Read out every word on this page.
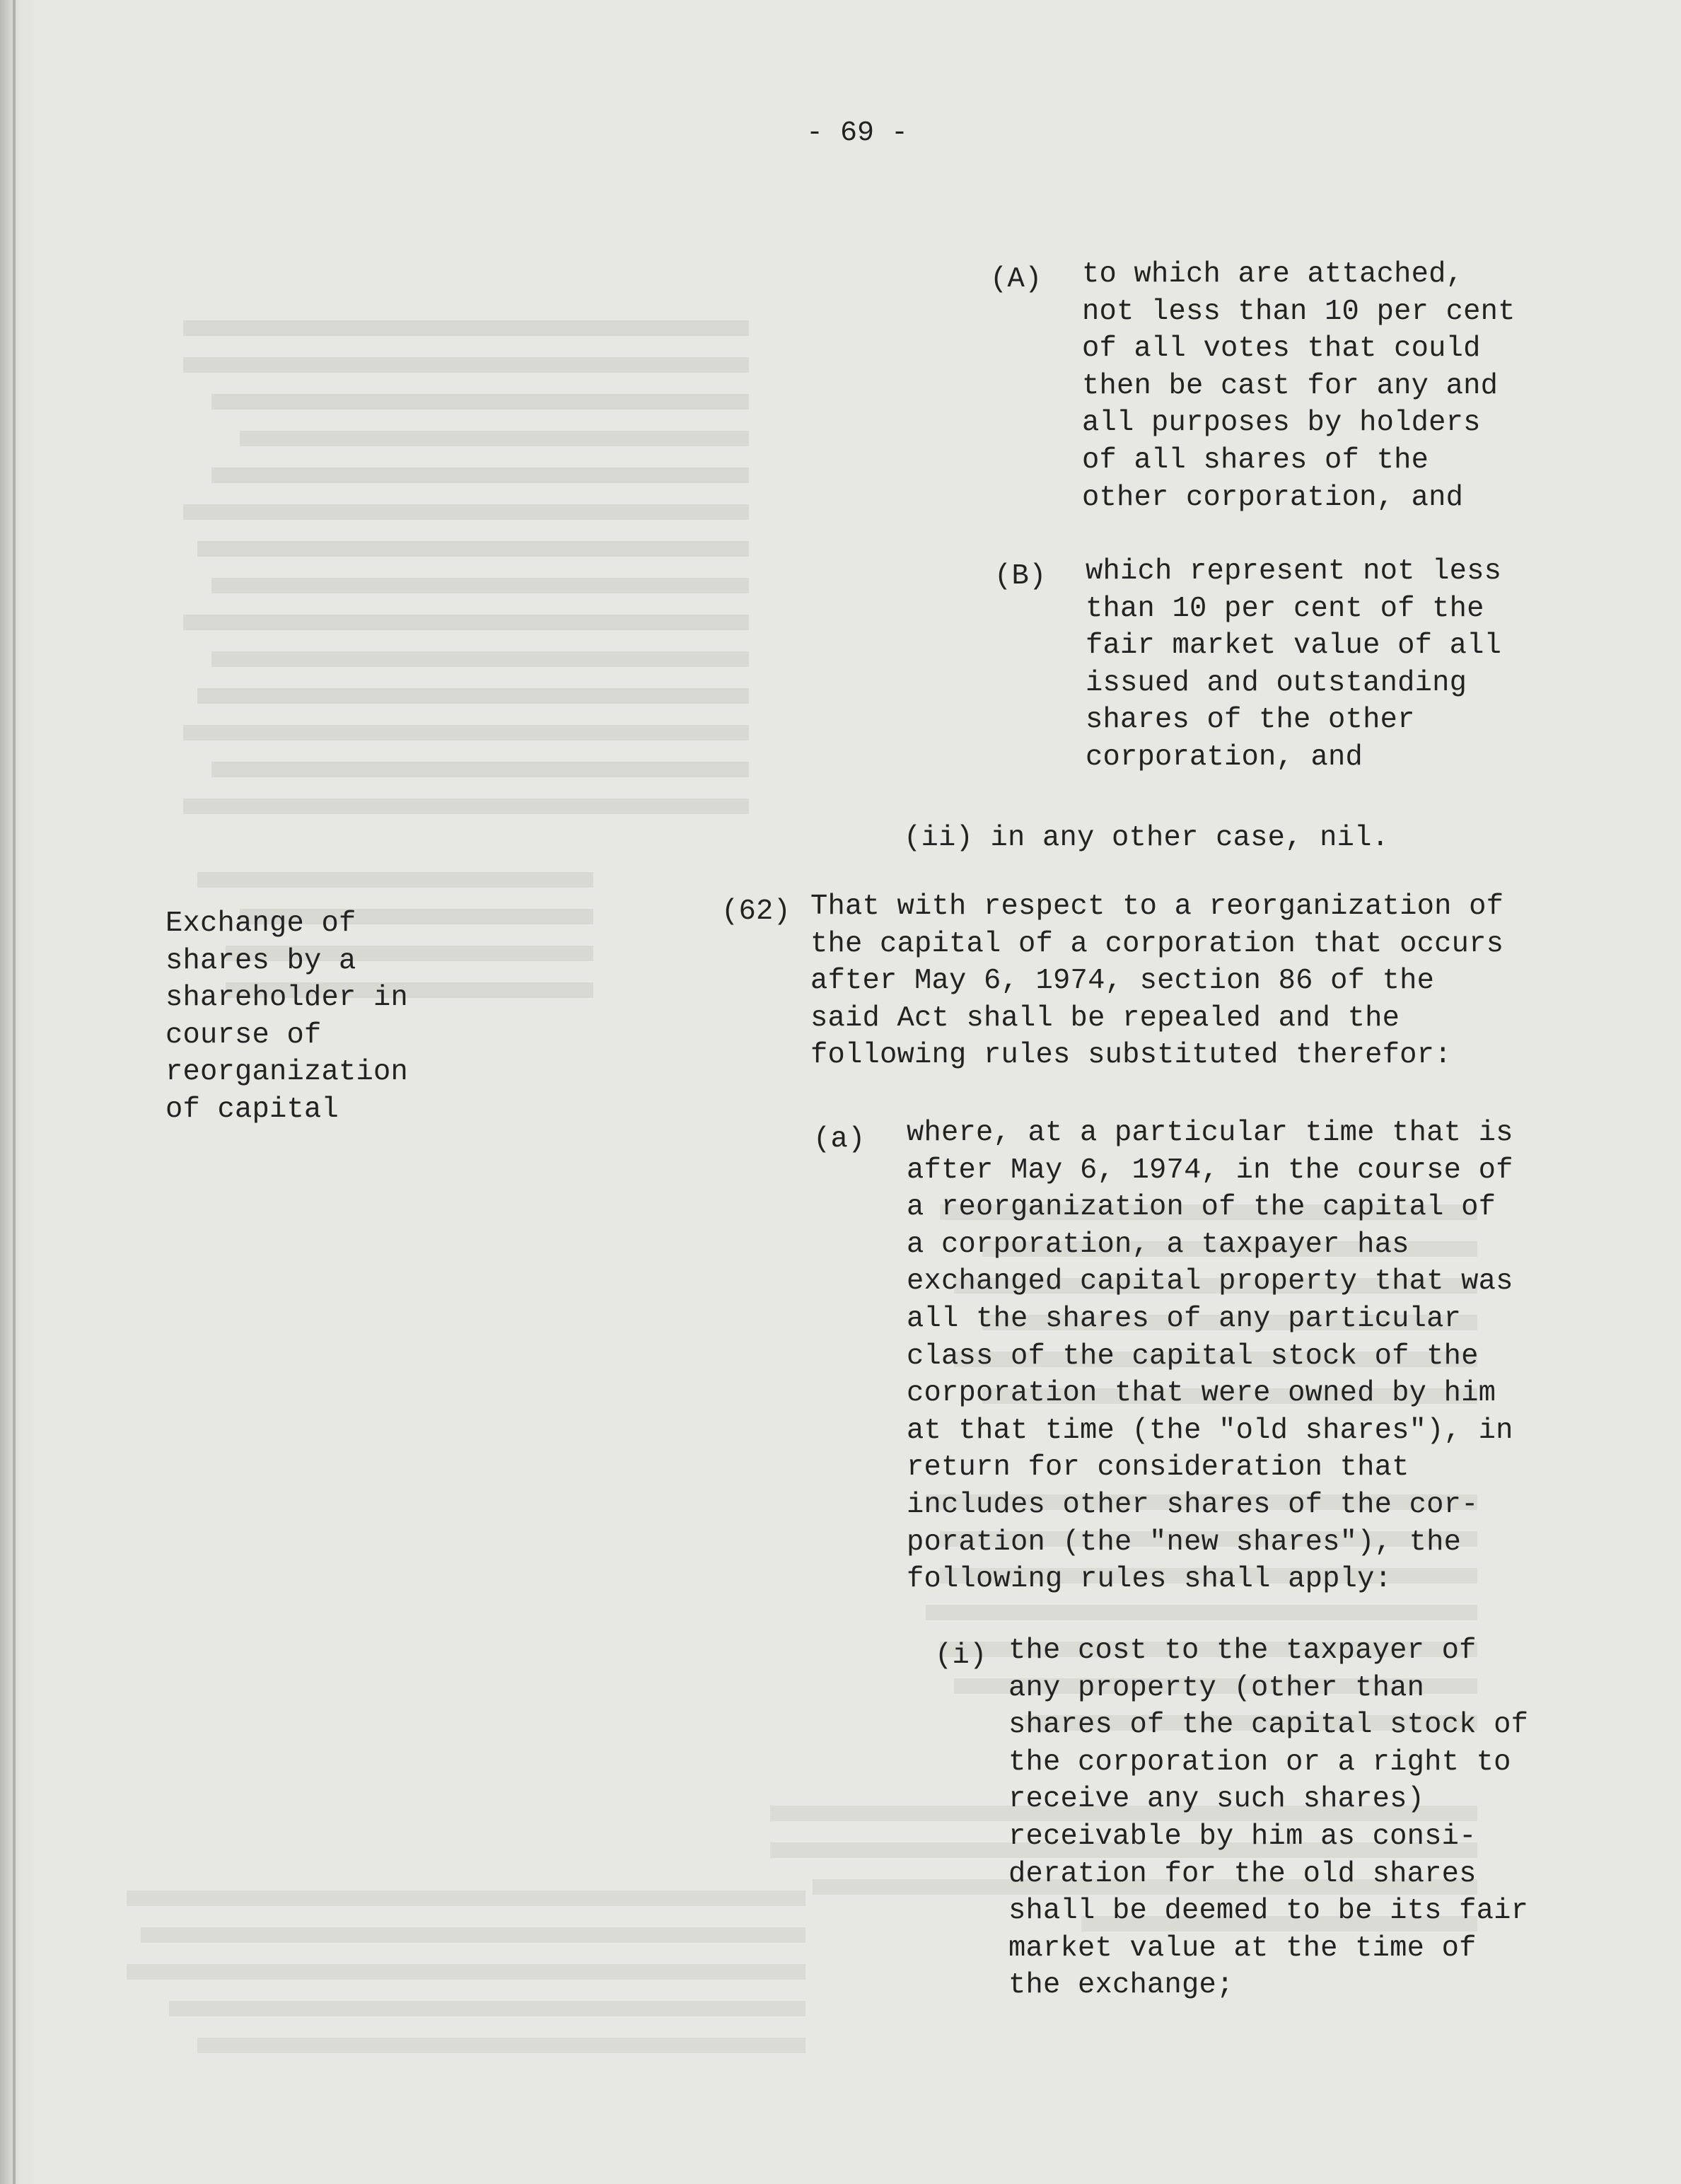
- 69 -
(A) to which are attached,
not less than 10 per cent
of all votes that could
then be cast for any and
all purposes by holders
of all shares of the
other corporation, and
(B) which represent not less
than 10 per cent of the
fair market value of all
issued and outstanding
shares of the other
corporation, and
(ii) in any other case, nil.
Exchange of
shares by a
shareholder in
course of
reorganization
of capital
(62) That with respect to a reorganization of
the capital of a corporation that occurs
after May 6, 1974, section 86 of the
said Act shall be repealed and the
following rules substituted therefor:
(a) where, at a particular time that is
after May 6, 1974, in the course of
a reorganization of the capital of
a corporation, a taxpayer has
exchanged capital property that was
all the shares of any particular
class of the capital stock of the
corporation that were owned by him
at that time (the "old shares"), in
return for consideration that
includes other shares of the cor-
poration (the "new shares"), the
following rules shall apply:
(i) the cost to the taxpayer of
any property (other than
shares of the capital stock of
the corporation or a right to
receive any such shares)
receivable by him as consi-
deration for the old shares
shall be deemed to be its fair
market value at the time of
the exchange;
